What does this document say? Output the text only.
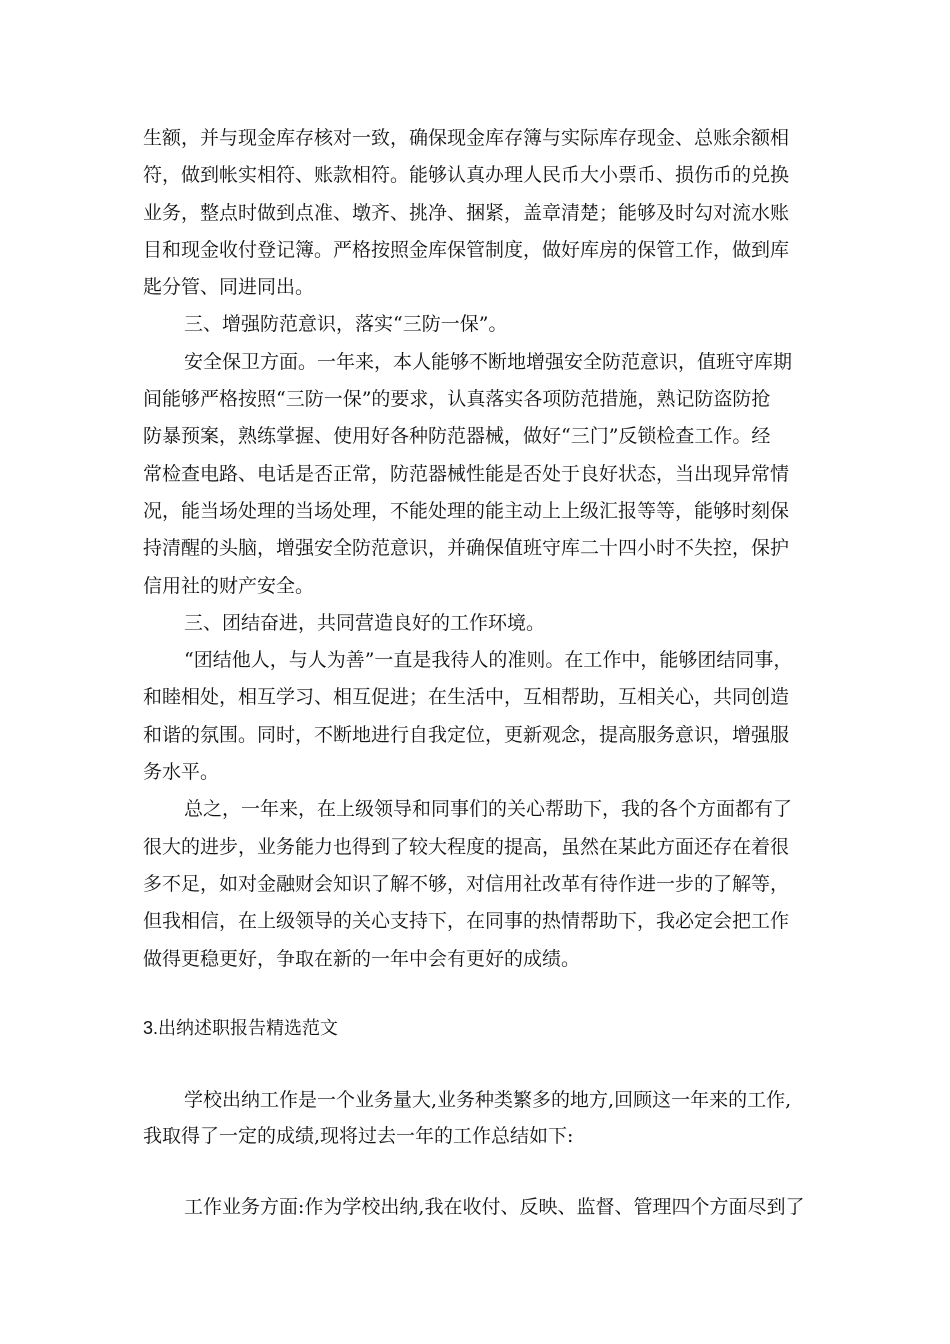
生额，并与现金库存核对一致，确保现金库存簿与实际库存现金、总账余额相

符，做到帐实相符、账款相符。能够认真办理人民币大小票币、损伤币的兑换

业务，整点时做到点准、墩齐、挑净、捆紧，盖章清楚；能够及时勾对流水账

目和现金收付登记簿。严格按照金库保管制度，做好库房的保管工作，做到库

匙分管、同进同出。

三、增强防范意识，落实“三防一保”。

安全保卫方面。一年来，本人能够不断地增强安全防范意识，值班守库期

间能够严格按照“三防一保”的要求，认真落实各项防范措施，熟记防盗防抢

防暴预案，熟练掌握、使用好各种防范器械，做好“三门”反锁检查工作。经

常检查电路、电话是否正常，防范器械性能是否处于良好状态，当出现异常情

况，能当场处理的当场处理，不能处理的能主动上上级汇报等等，能够时刻保

持清醒的头脑，增强安全防范意识，并确保值班守库二十四小时不失控，保护

信用社的财产安全。

三、团结奋进，共同营造良好的工作环境。

“团结他人，与人为善”一直是我待人的准则。在工作中，能够团结同事，

和睦相处，相互学习、相互促进；在生活中，互相帮助，互相关心，共同创造

和谐的氛围。同时，不断地进行自我定位，更新观念，提高服务意识，增强服

务水平。

总之，一年来，在上级领导和同事们的关心帮助下，我的各个方面都有了

很大的进步，业务能力也得到了较大程度的提高，虽然在某此方面还存在着很

多不足，如对金融财会知识了解不够，对信用社改革有待作进一步的了解等，

但我相信，在上级领导的关心支持下，在同事的热情帮助下，我必定会把工作

做得更稳更好，争取在新的一年中会有更好的成绩。

3.出纳述职报告精选范文

学校出纳工作是一个业务量大,业务种类繁多的地方,回顾这一年来的工作,

我取得了一定的成绩,现将过去一年的工作总结如下:

工作业务方面:作为学校出纳,我在收付、反映、监督、管理四个方面尽到了
